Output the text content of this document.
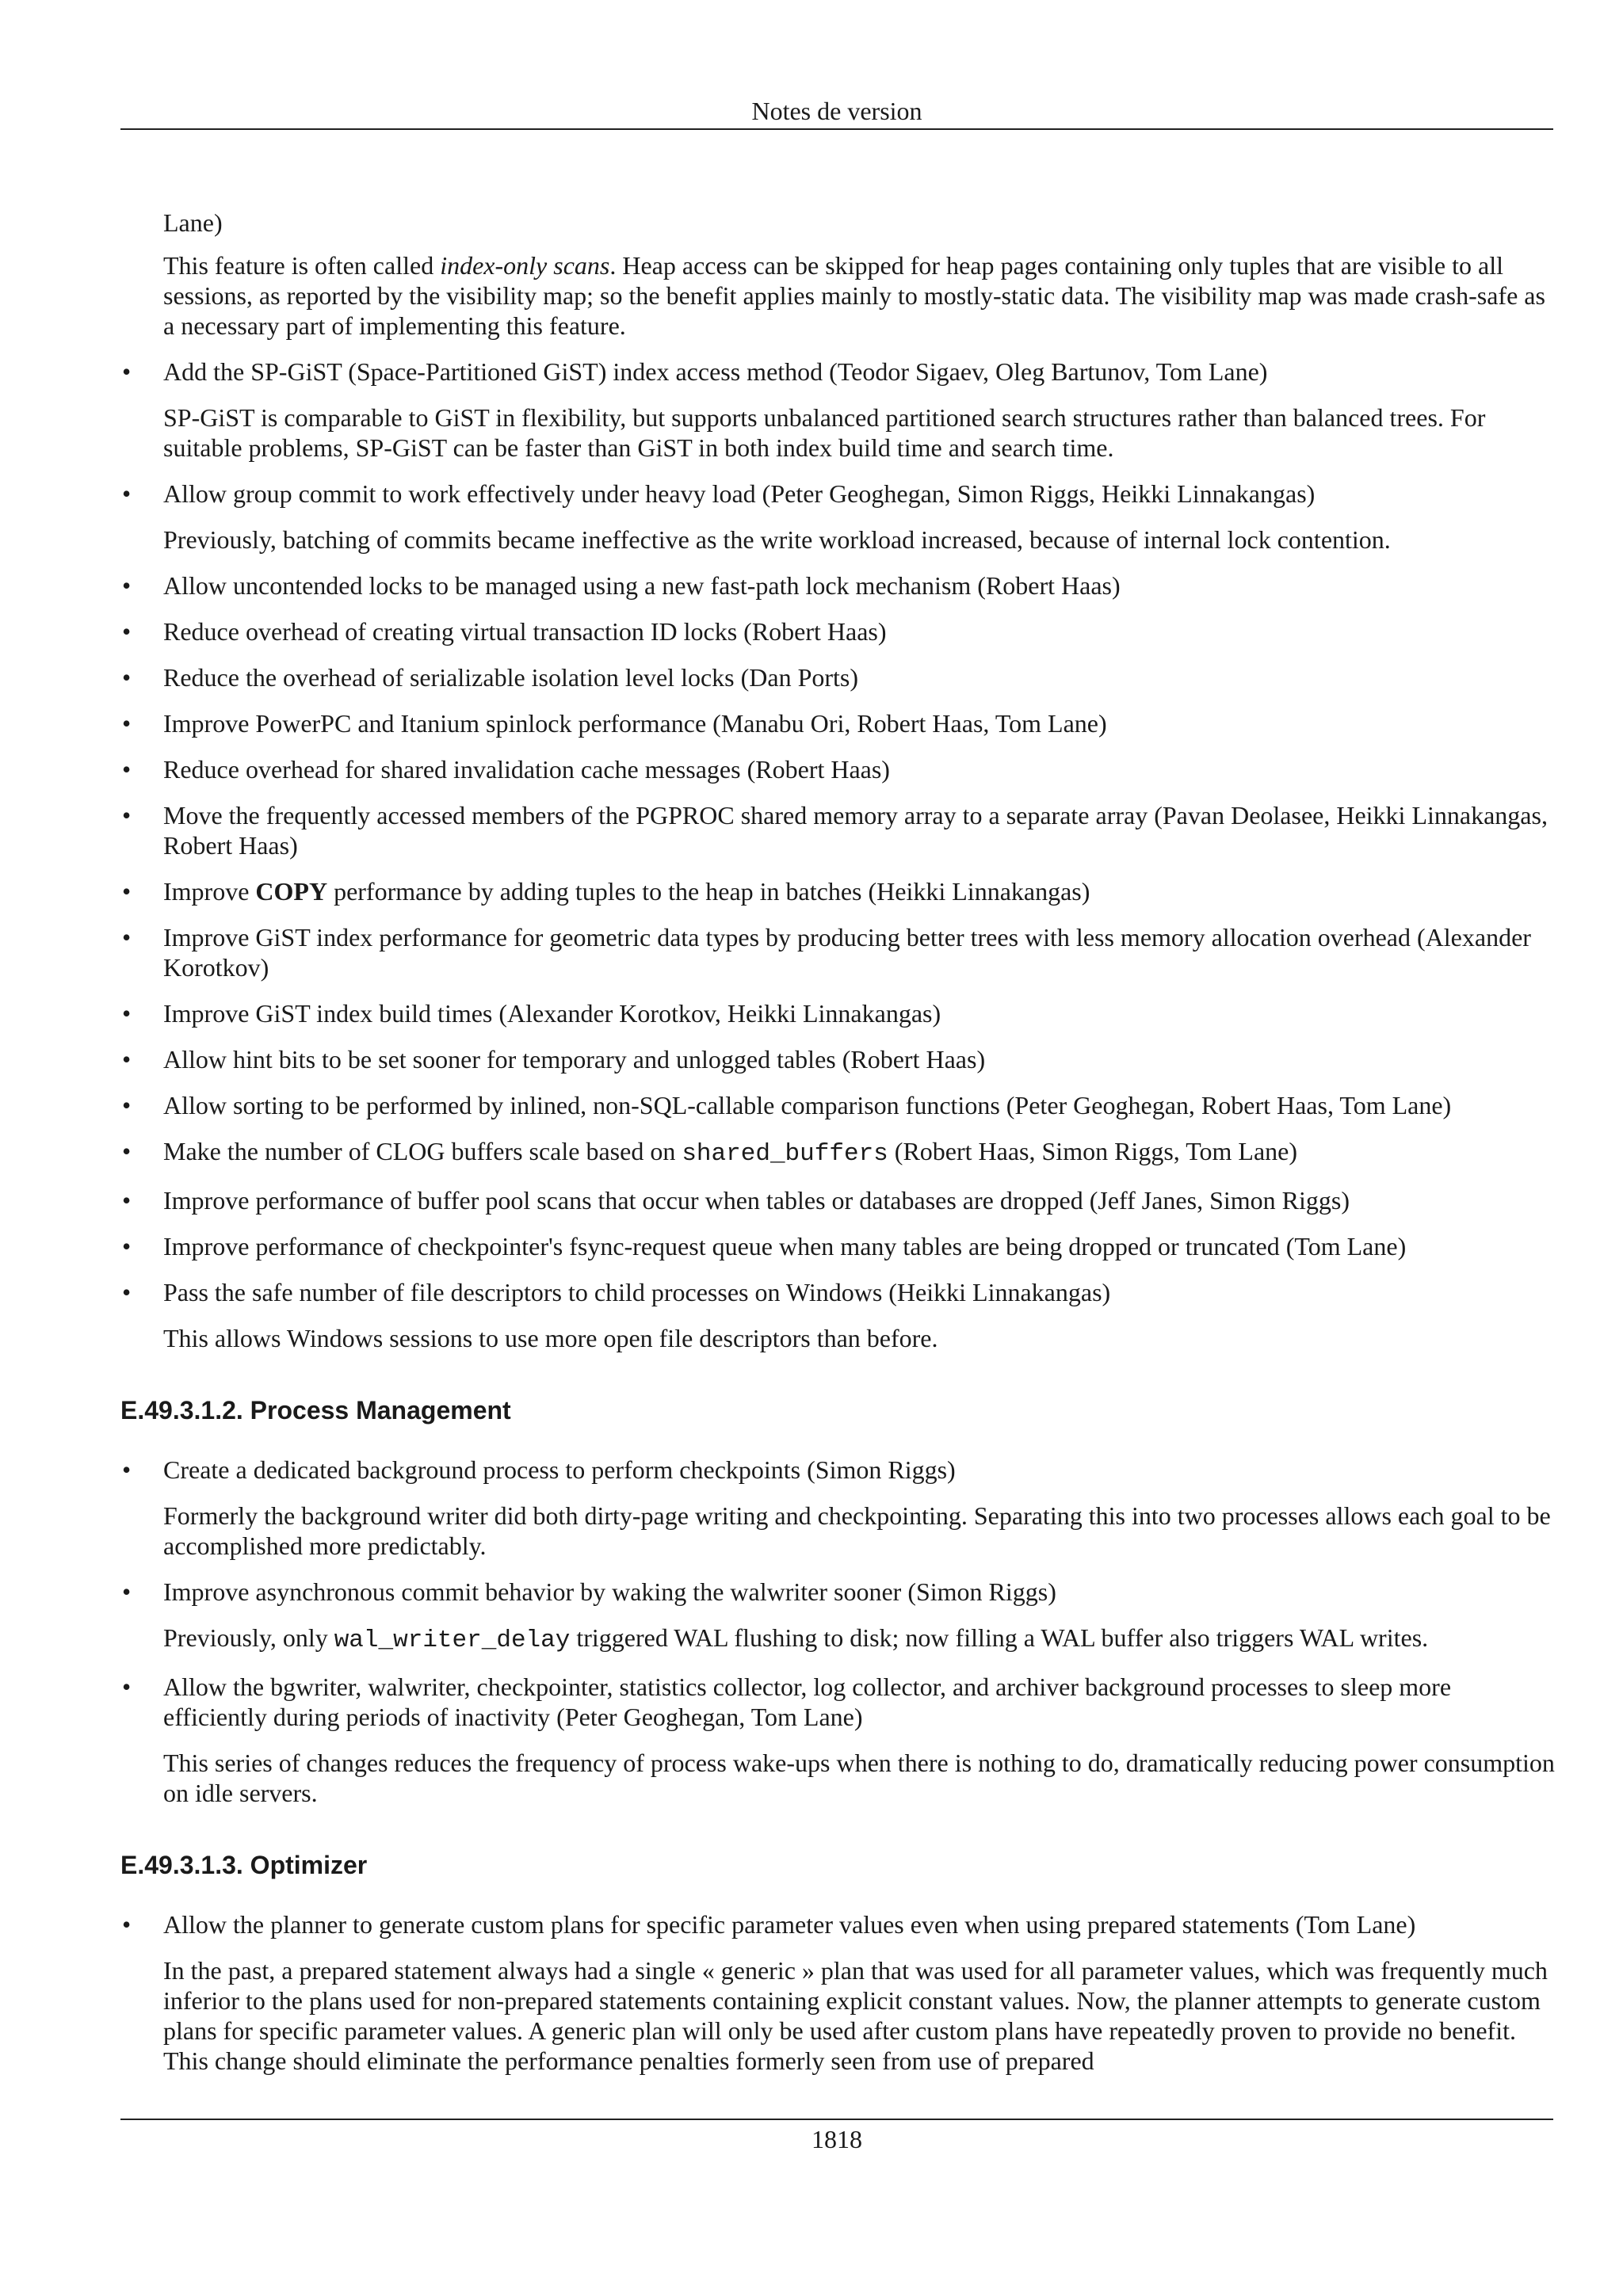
Notes de version

Lane)

This feature is often called index-only scans. Heap access can be skipped for heap pages containing only tuples that are visible to all sessions, as reported by the visibility map; so the benefit applies mainly to mostly-static data. The visibility map was made crash-safe as a necessary part of implementing this feature.

• Add the SP-GiST (Space-Partitioned GiST) index access method (Teodor Sigaev, Oleg Bartunov, Tom Lane)

SP-GiST is comparable to GiST in flexibility, but supports unbalanced partitioned search structures rather than balanced trees. For suitable problems, SP-GiST can be faster than GiST in both index build time and search time.

• Allow group commit to work effectively under heavy load (Peter Geoghegan, Simon Riggs, Heikki Linnakangas)

Previously, batching of commits became ineffective as the write workload increased, because of internal lock contention.

• Allow uncontended locks to be managed using a new fast-path lock mechanism (Robert Haas)
• Reduce overhead of creating virtual transaction ID locks (Robert Haas)
• Reduce the overhead of serializable isolation level locks (Dan Ports)
• Improve PowerPC and Itanium spinlock performance (Manabu Ori, Robert Haas, Tom Lane)
• Reduce overhead for shared invalidation cache messages (Robert Haas)
• Move the frequently accessed members of the PGPROC shared memory array to a separate array (Pavan Deolasee, Heikki Linnakangas, Robert Haas)
• Improve COPY performance by adding tuples to the heap in batches (Heikki Linnakangas)
• Improve GiST index performance for geometric data types by producing better trees with less memory allocation overhead (Alexander Korotkov)
• Improve GiST index build times (Alexander Korotkov, Heikki Linnakangas)
• Allow hint bits to be set sooner for temporary and unlogged tables (Robert Haas)
• Allow sorting to be performed by inlined, non-SQL-callable comparison functions (Peter Geoghegan, Robert Haas, Tom Lane)
• Make the number of CLOG buffers scale based on shared_buffers (Robert Haas, Simon Riggs, Tom Lane)
• Improve performance of buffer pool scans that occur when tables or databases are dropped (Jeff Janes, Simon Riggs)
• Improve performance of checkpointer's fsync-request queue when many tables are being dropped or truncated (Tom Lane)
• Pass the safe number of file descriptors to child processes on Windows (Heikki Linnakangas)

This allows Windows sessions to use more open file descriptors than before.

E.49.3.1.2. Process Management
• Create a dedicated background process to perform checkpoints (Simon Riggs)

Formerly the background writer did both dirty-page writing and checkpointing. Separating this into two processes allows each goal to be accomplished more predictably.

• Improve asynchronous commit behavior by waking the walwriter sooner (Simon Riggs)

Previously, only wal_writer_delay triggered WAL flushing to disk; now filling a WAL buffer also triggers WAL writes.

• Allow the bgwriter, walwriter, checkpointer, statistics collector, log collector, and archiver background processes to sleep more efficiently during periods of inactivity (Peter Geoghegan, Tom Lane)

This series of changes reduces the frequency of process wake-ups when there is nothing to do, dramatically reducing power consumption on idle servers.

E.49.3.1.3. Optimizer
• Allow the planner to generate custom plans for specific parameter values even when using prepared statements (Tom Lane)

In the past, a prepared statement always had a single « generic » plan that was used for all parameter values, which was frequently much inferior to the plans used for non-prepared statements containing explicit constant values. Now, the planner attempts to generate custom plans for specific parameter values. A generic plan will only be used after custom plans have repeatedly proven to provide no benefit. This change should eliminate the performance penalties formerly seen from use of prepared

1818
